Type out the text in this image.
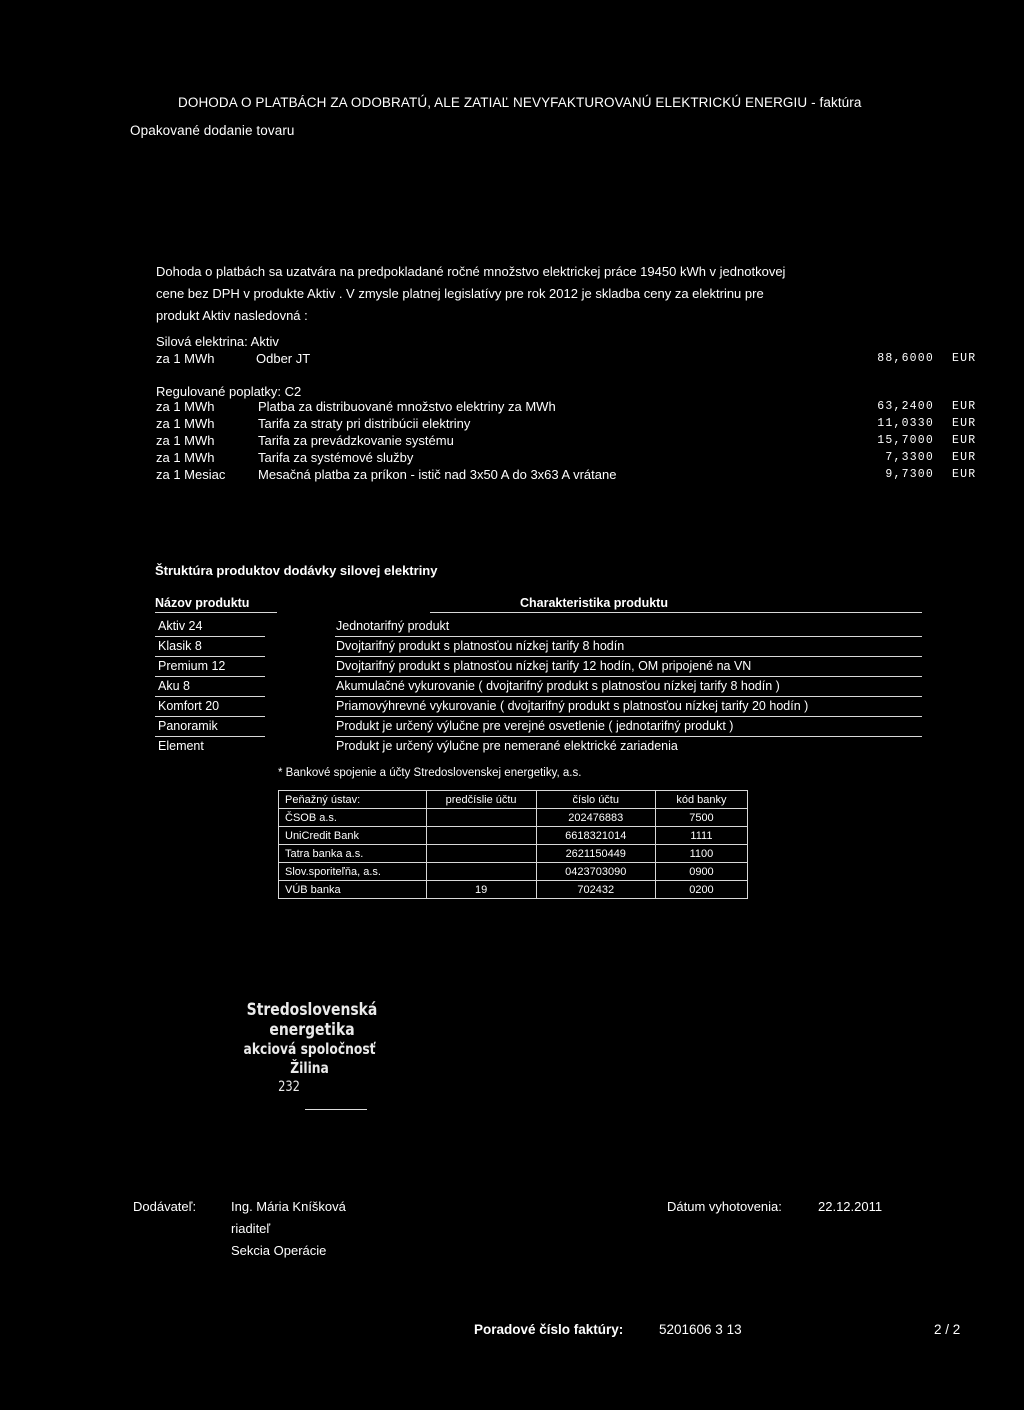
DOHODA O PLATBÁCH ZA ODOBRATÚ, ALE ZATIAĽ NEVYFAKTUROVANÚ ELEKTRICKÚ ENERGIU - faktúra
Opakované dodanie tovaru
Dohoda o platbách sa uzatvára na predpokladané ročné množstvo elektrickej práce 19450 kWh v jednotkovej
cene bez DPH v produkte Aktiv . V zmysle platnej legislatívy pre rok 2012 je skladba ceny za elektrinu pre
produkt Aktiv nasledovná :
Silová elektrina: Aktiv
za 1 MWh	Odber JT	88,6000 EUR
Regulované poplatky: C2
za 1 MWh	Platba za distribuované množstvo elektriny za MWh	63,2400 EUR
za 1 MWh	Tarifa za straty pri distribúcii elektriny	11,0330 EUR
za 1 MWh	Tarifa za prevádzkovanie systému	15,7000 EUR
za 1 MWh	Tarifa za systémové služby	7,3300 EUR
za 1 Mesiac	Mesačná platba za príkon - istič nad 3x50 A do 3x63 A vrátane	9,7300 EUR
Štruktúra produktov dodávky silovej elektriny
Názov produktu	Charakteristika produktu
Aktiv 24	Jednotarifný produkt
Klasik 8	Dvojtarifný produkt s platnosťou nízkej tarify 8 hodín
Premium 12	Dvojtarifný produkt s platnosťou nízkej tarify 12 hodín, OM pripojené na VN
Aku 8	Akumulačné vykurovanie ( dvojtarifný produkt s platnosťou nízkej tarify 8 hodín )
Komfort 20	Priamovýhrevné vykurovanie ( dvojtarifný produkt s platnosťou nízkej tarify 20 hodín )
Panoramik	Produkt je určený výlučne pre verejné osvetlenie ( jednotarifný produkt )
Element	Produkt je určený výlučne pre nemerané elektrické zariadenia
* Bankové spojenie a účty Stredoslovenskej energetiky, a.s.
Peňažný ústav:	predčíslie účtu	číslo účtu	kód banky
ČSOB a.s.		202476883	7500
UniCredit Bank		6618321014	1111
Tatra banka a.s.		2621150449	1100
Slov.sporiteľňa, a.s.		0423703090	0900
VÚB banka	19	702432	0200
Stredoslovenská energetika
akciová spoločnosť Žilina
232
Dodávateľ:	Ing. Mária Kníšková
riaditeľ
Sekcia Operácie
Dátum vyhotovenia:	22.12.2011
Poradové číslo faktúry:	5201606 3 13	2 / 2
